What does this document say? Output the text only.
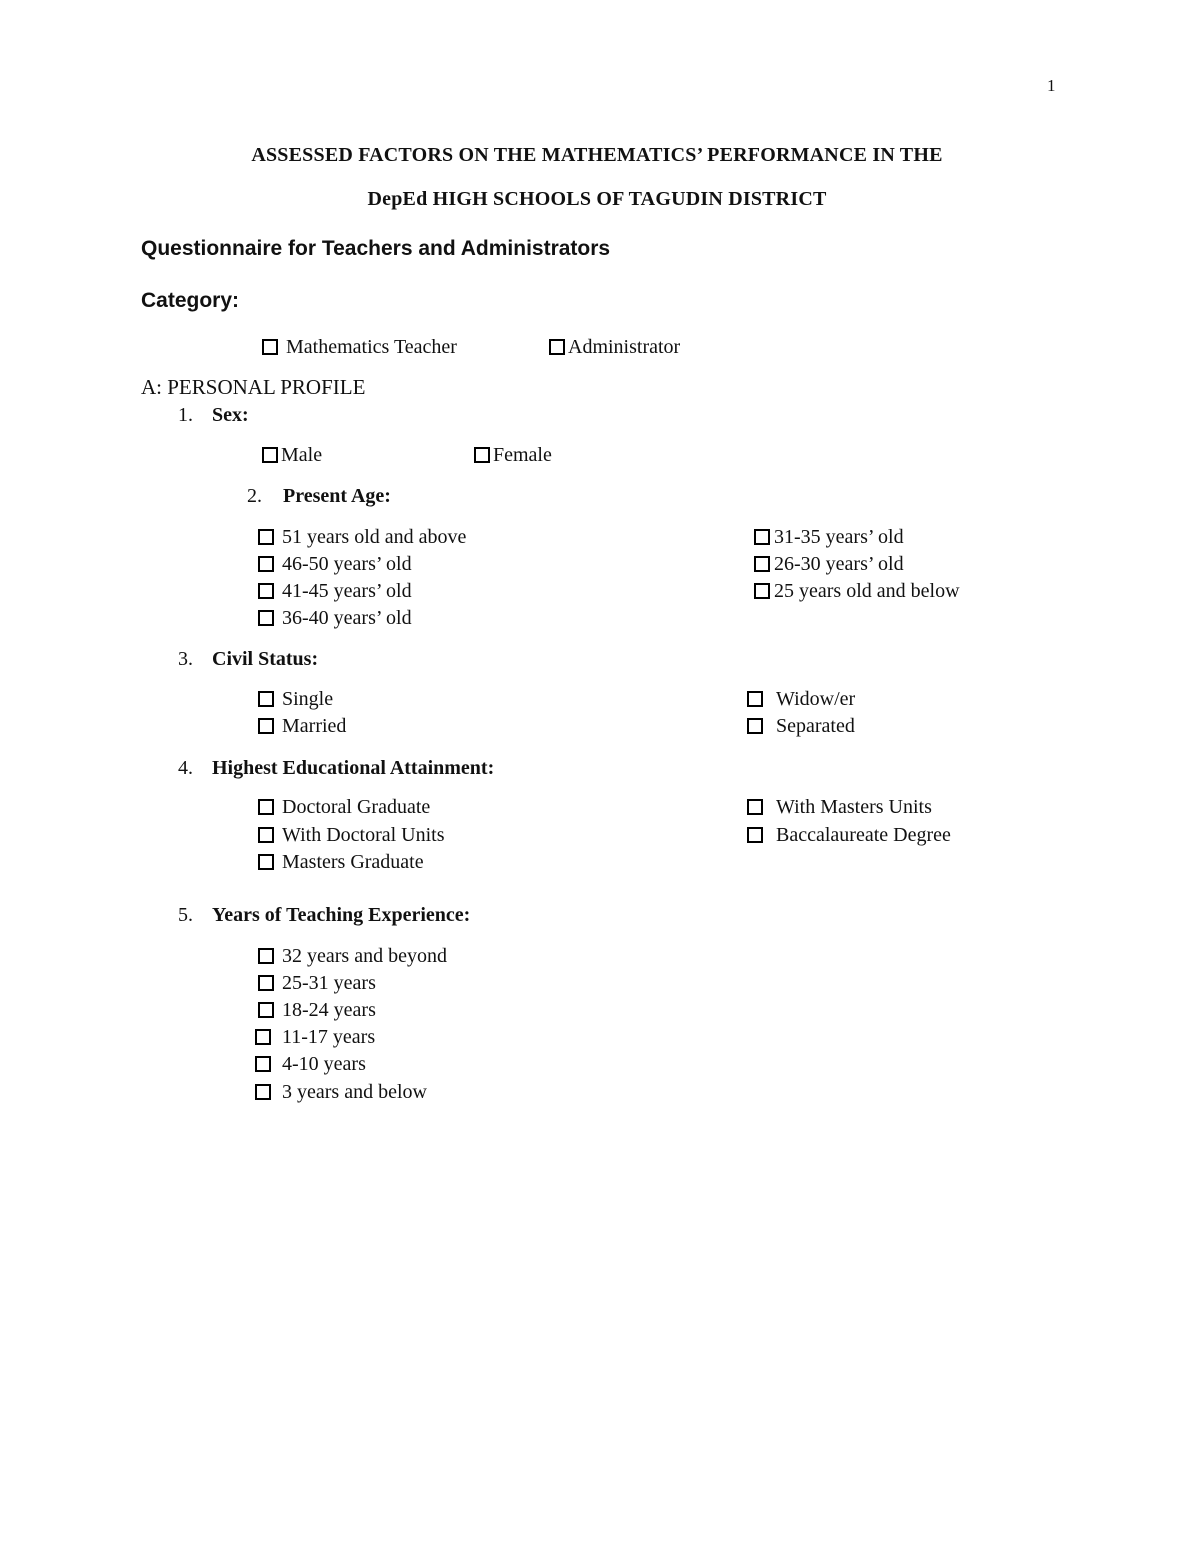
1
ASSESSED FACTORS ON THE MATHEMATICS’ PERFORMANCE IN THE
DepEd HIGH SCHOOLS OF TAGUDIN DISTRICT
Questionnaire for Teachers and Administrators
Category:
Mathematics Teacher	Administrator
A: PERSONAL PROFILE
1. Sex:
Male	Female
2. Present Age:
51 years old and above
46-50 years’ old
41-45 years’ old
36-40 years’ old
31-35 years’ old
26-30 years’ old
25 years old and below
3. Civil Status:
Single
Married
Widow/er
Separated
4. Highest Educational Attainment:
Doctoral Graduate
With Doctoral Units
Masters Graduate
With Masters Units
Baccalaureate Degree
5. Years of Teaching Experience:
32 years and beyond
25-31 years
18-24 years
11-17 years
4-10 years
3 years and below
